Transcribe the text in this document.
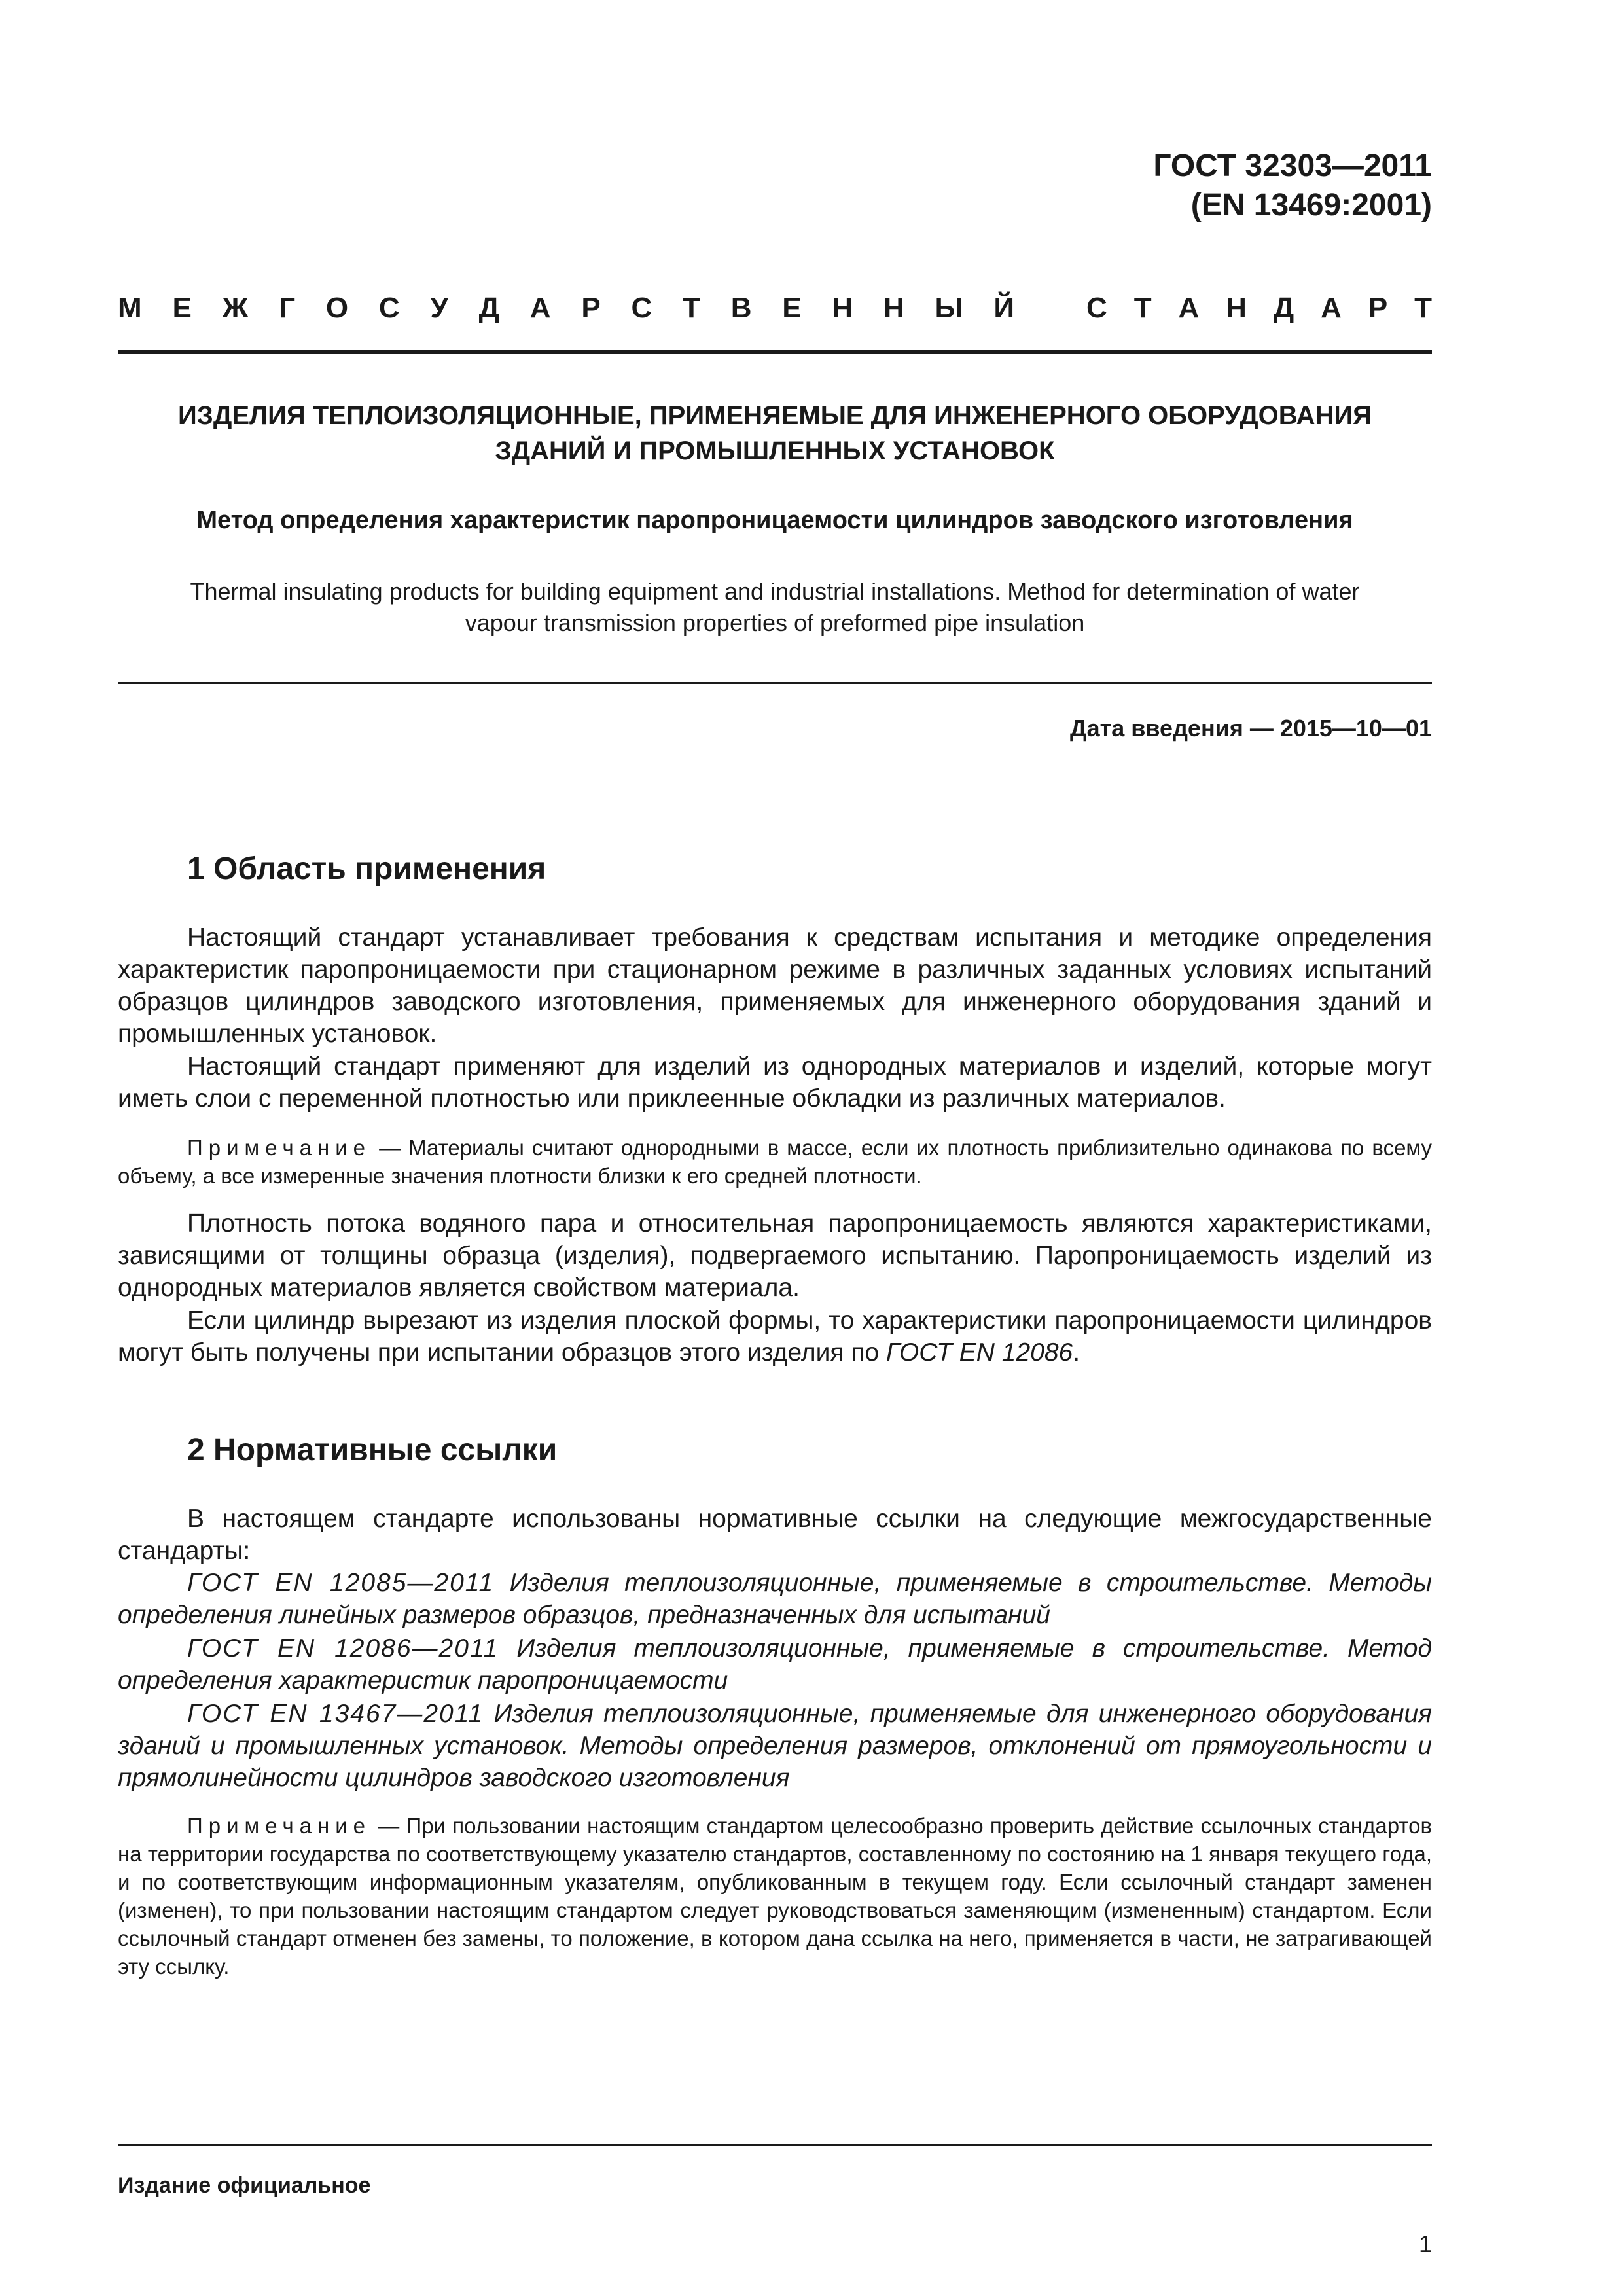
ГОСТ 32303—2011
(EN 13469:2001)
М Е Ж Г О С У Д А Р С Т В Е Н Н Ы Й	С Т А Н Д А Р Т
ИЗДЕЛИЯ ТЕПЛОИЗОЛЯЦИОННЫЕ, ПРИМЕНЯЕМЫЕ ДЛЯ ИНЖЕНЕРНОГО ОБОРУДОВАНИЯ
ЗДАНИЙ И ПРОМЫШЛЕННЫХ УСТАНОВОК
Метод определения характеристик паропроницаемости цилиндров заводского изготовления
Thermal insulating products for building equipment and industrial installations. Method for determination of water
vapour transmission properties of preformed pipe insulation
Дата введения — 2015—10—01
1 Область применения
Настоящий стандарт устанавливает требования к средствам испытания и методике определения характеристик паропроницаемости при стационарном режиме в различных заданных условиях испытаний образцов цилиндров заводского изготовления, применяемых для инженерного оборудования зданий и промышленных установок.
Настоящий стандарт применяют для изделий из однородных материалов и изделий, которые могут иметь слои с переменной плотностью или приклеенные обкладки из различных материалов.
Примечание — Материалы считают однородными в массе, если их плотность приблизительно одинакова по всему объему, а все измеренные значения плотности близки к его средней плотности.
Плотность потока водяного пара и относительная паропроницаемость являются характеристиками, зависящими от толщины образца (изделия), подвергаемого испытанию. Паропроницаемость изделий из однородных материалов является свойством материала.
Если цилиндр вырезают из изделия плоской формы, то характеристики паропроницаемости цилиндров могут быть получены при испытании образцов этого изделия по ГОСТ EN 12086.
2 Нормативные ссылки
В настоящем стандарте использованы нормативные ссылки на следующие межгосударственные стандарты:
ГОСТ EN 12085—2011 Изделия теплоизоляционные, применяемые в строительстве. Методы определения линейных размеров образцов, предназначенных для испытаний
ГОСТ EN 12086—2011 Изделия теплоизоляционные, применяемые в строительстве. Метод определения характеристик паропроницаемости
ГОСТ EN 13467—2011 Изделия теплоизоляционные, применяемые для инженерного оборудования зданий и промышленных установок. Методы определения размеров, отклонений от прямоугольности и прямолинейности цилиндров заводского изготовления
Примечание — При пользовании настоящим стандартом целесообразно проверить действие ссылочных стандартов на территории государства по соответствующему указателю стандартов, составленному по состоянию на 1 января текущего года, и по соответствующим информационным указателям, опубликованным в текущем году. Если ссылочный стандарт заменен (изменен), то при пользовании настоящим стандартом следует руководствоваться заменяющим (измененным) стандартом. Если ссылочный стандарт отменен без замены, то положение, в котором дана ссылка на него, применяется в части, не затрагивающей эту ссылку.
Издание официальное
1
